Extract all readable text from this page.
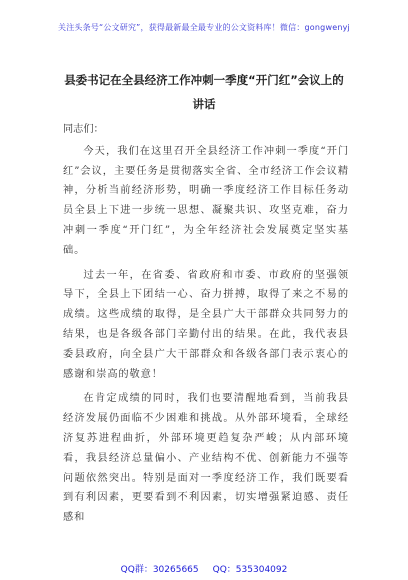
关注头条号“公文研究”，获得最新最全最专业的公文资料库！微信：gongwenyj
县委书记在全县经济工作冲刺一季度“开门红”会议上的
讲话

同志们：

今天，我们在这里召开全县经济工作冲刺一季度“开门红”会议，主要任务是贯彻落实全省、全市经济工作会议精神，分析当前经济形势，明确一季度经济工作目标任务动员全县上下进一步统一思想、凝聚共识、攻坚克难，奋力冲刺一季度“开门红”，为全年经济社会发展奠定坚实基础。

过去一年，在省委、省政府和市委、市政府的坚强领导下，全县上下团结一心、奋力拼搏，取得了来之不易的成绩。这些成绩的取得，是全县广大干部群众共同努力的结果，也是各级各部门辛勤付出的结果。在此，我代表县委县政府，向全县广大干部群众和各级各部门表示衷心的感谢和崇高的敬意！

在肯定成绩的同时，我们也要清醒地看到，当前我县经济发展仍面临不少困难和挑战。从外部环境看，全球经济复苏进程曲折，外部环境更趋复杂严峻；从内部环境看，我县经济总量偏小、产业结构不优、创新能力不强等问题依然突出。特别是面对一季度经济工作，我们既要看到有利因素，更要看到不利因素，切实增强紧迫感、责任感和

QQ群：30265665 QQ：535304092
